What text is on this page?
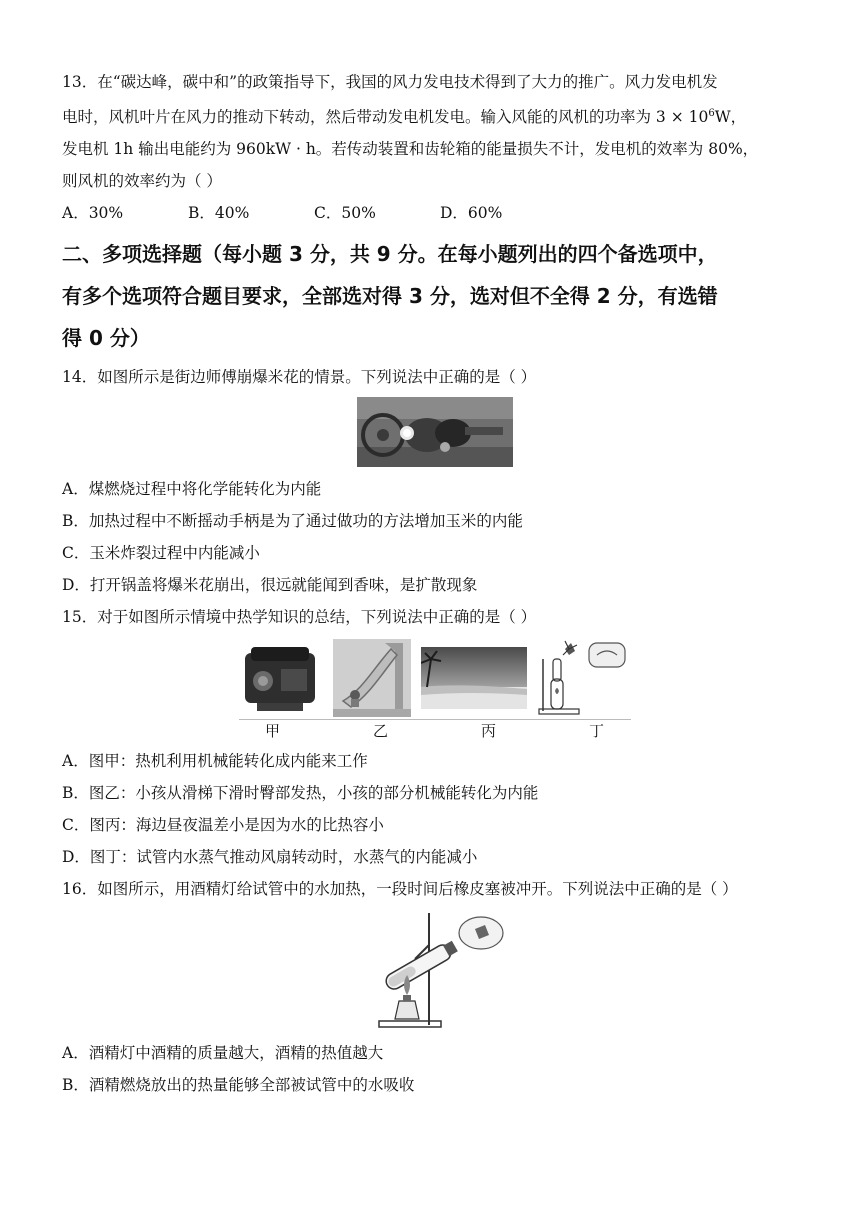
13．在“碳达峰，碳中和”的政策指导下，我国的风力发电技术得到了大力的推广。风力发电机发

电时，风机叶片在风力的推动下转动，然后带动发电机发电。输入风能的风机的功率为 $3 \times 10^6W$，

发电机 1h 输出电能约为 960kW · h。若传动装置和齿轮箱的能量损失不计，发电机的效率为 80%，

则风机的效率约为（ ）

A．30%	B．40%	C．50%	D．60%

二、多项选择题（每小题 3 分，共 9 分。在每小题列出的四个备选项中，

有多个选项符合题目要求，全部选对得 3 分，选对但不全得 2 分，有选错

得 0 分）

14．如图所示是街边师傅崩爆米花的情景。下列说法中正确的是（ ）

A．煤燃烧过程中将化学能转化为内能

B．加热过程中不断摇动手柄是为了通过做功的方法增加玉米的内能

C．玉米炸裂过程中内能减小

D．打开锅盖将爆米花崩出，很远就能闻到香味，是扩散现象

15．对于如图所示情境中热学知识的总结，下列说法中正确的是（ ）

甲	乙	丙	丁

A．图甲：热机利用机械能转化成内能来工作

B．图乙：小孩从滑梯下滑时臀部发热，小孩的部分机械能转化为内能

C．图丙：海边昼夜温差小是因为水的比热容小

D．图丁：试管内水蒸气推动风扇转动时，水蒸气的内能减小

16．如图所示，用酒精灯给试管中的水加热，一段时间后橡皮塞被冲开。下列说法中正确的是（ ）

A．酒精灯中酒精的质量越大，酒精的热值越大

B．酒精燃烧放出的热量能够全部被试管中的水吸收
